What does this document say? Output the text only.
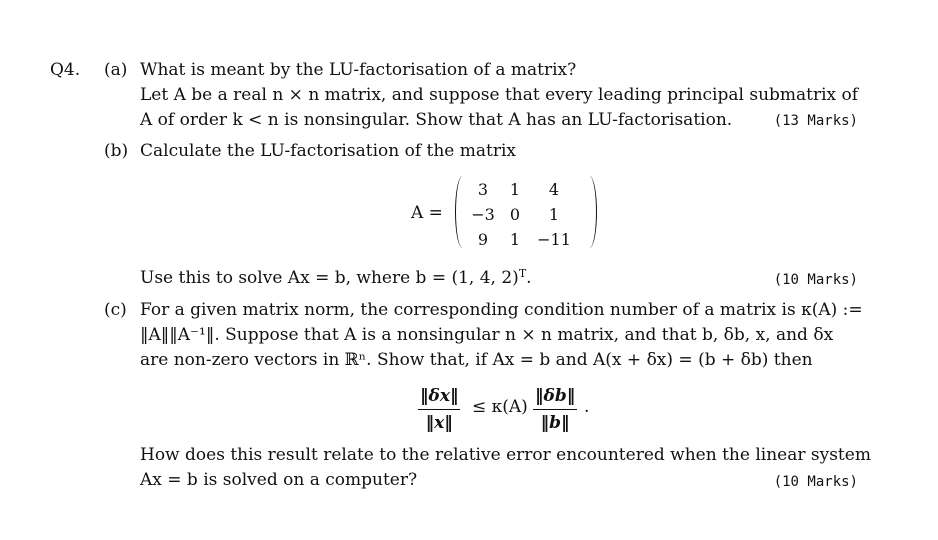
Q4. (a) What is meant by the LU-factorisation of a matrix?
Let A be a real n × n matrix, and suppose that every leading principal submatrix of
A of order k < n is nonsingular. Show that A has an LU-factorisation.	(13 Marks)
(b) Calculate the LU-factorisation of the matrix
A =
3	1	4
−3 0	1
9	1	−11
Use this to solve Ax = b, where b = (1, 4, 2)$^T$.	(10 Marks)
(c) For a given matrix norm, the corresponding condition number of a matrix is κ(A) :=
‖A‖‖A⁻¹‖. Suppose that A is a nonsingular n × n matrix, and that b, δb, x, and δx
are non-zero vectors in ℝⁿ. Show that, if Ax = b and A(x + δx) = (b + δb) then
$\frac{‖\delta x‖}{‖x‖} \le \kappa(A) \frac{‖\delta b‖}{‖b‖}$ .
How does this result relate to the relative error encountered when the linear system
Ax = b is solved on a computer?	(10 Marks)
